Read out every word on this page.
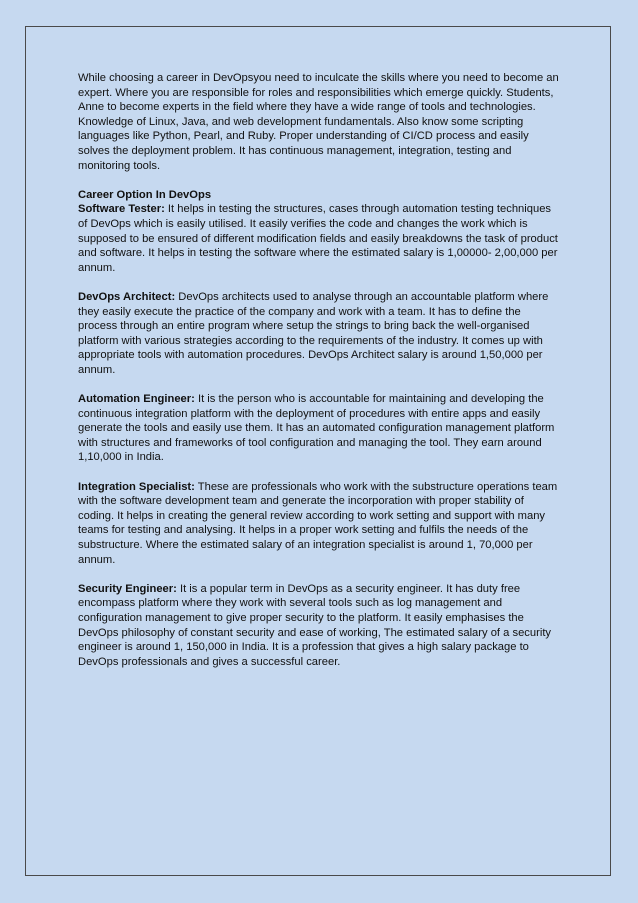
While choosing a career in DevOpsyou need to inculcate the skills where you need to become an expert. Where you are responsible for roles and responsibilities which emerge quickly. Students, Anne to become experts in the field where they have a wide range of tools and technologies. Knowledge of Linux, Java, and web development fundamentals. Also know some scripting languages like Python, Pearl, and Ruby. Proper understanding of CI/CD process and easily solves the deployment problem. It has continuous management, integration, testing and monitoring tools.

Career Option In DevOps

Software Tester: It helps in testing the structures, cases through automation testing techniques of DevOps which is easily utilised. It easily verifies the code and changes the work which is supposed to be ensured of different modification fields and easily breakdowns the task of product and software. It helps in testing the software where the estimated salary is 1,00000- 2,00,000 per annum.

DevOps Architect: DevOps architects used to analyse through an accountable platform where they easily execute the practice of the company and work with a team. It has to define the process through an entire program where setup the strings to bring back the well-organised platform with various strategies according to the requirements of the industry. It comes up with appropriate tools with automation procedures. DevOps Architect salary is around 1,50,000 per annum.

Automation Engineer: It is the person who is accountable for maintaining and developing the continuous integration platform with the deployment of procedures with entire apps and easily generate the tools and easily use them. It has an automated configuration management platform with structures and frameworks of tool configuration and managing the tool. They earn around 1,10,000 in India.

Integration Specialist: These are professionals who work with the substructure operations team with the software development team and generate the incorporation with proper stability of coding. It helps in creating the general review according to work setting and support with many teams for testing and analysing. It helps in a proper work setting and fulfils the needs of the substructure. Where the estimated salary of an integration specialist is around 1, 70,000 per annum.

Security Engineer: It is a popular term in DevOps as a security engineer. It has duty free encompass platform where they work with several tools such as log management and configuration management to give proper security to the platform. It easily emphasises the DevOps philosophy of constant security and ease of working, The estimated salary of a security engineer is around 1, 150,000 in India. It is a profession that gives a high salary package to DevOps professionals and gives a successful career.
